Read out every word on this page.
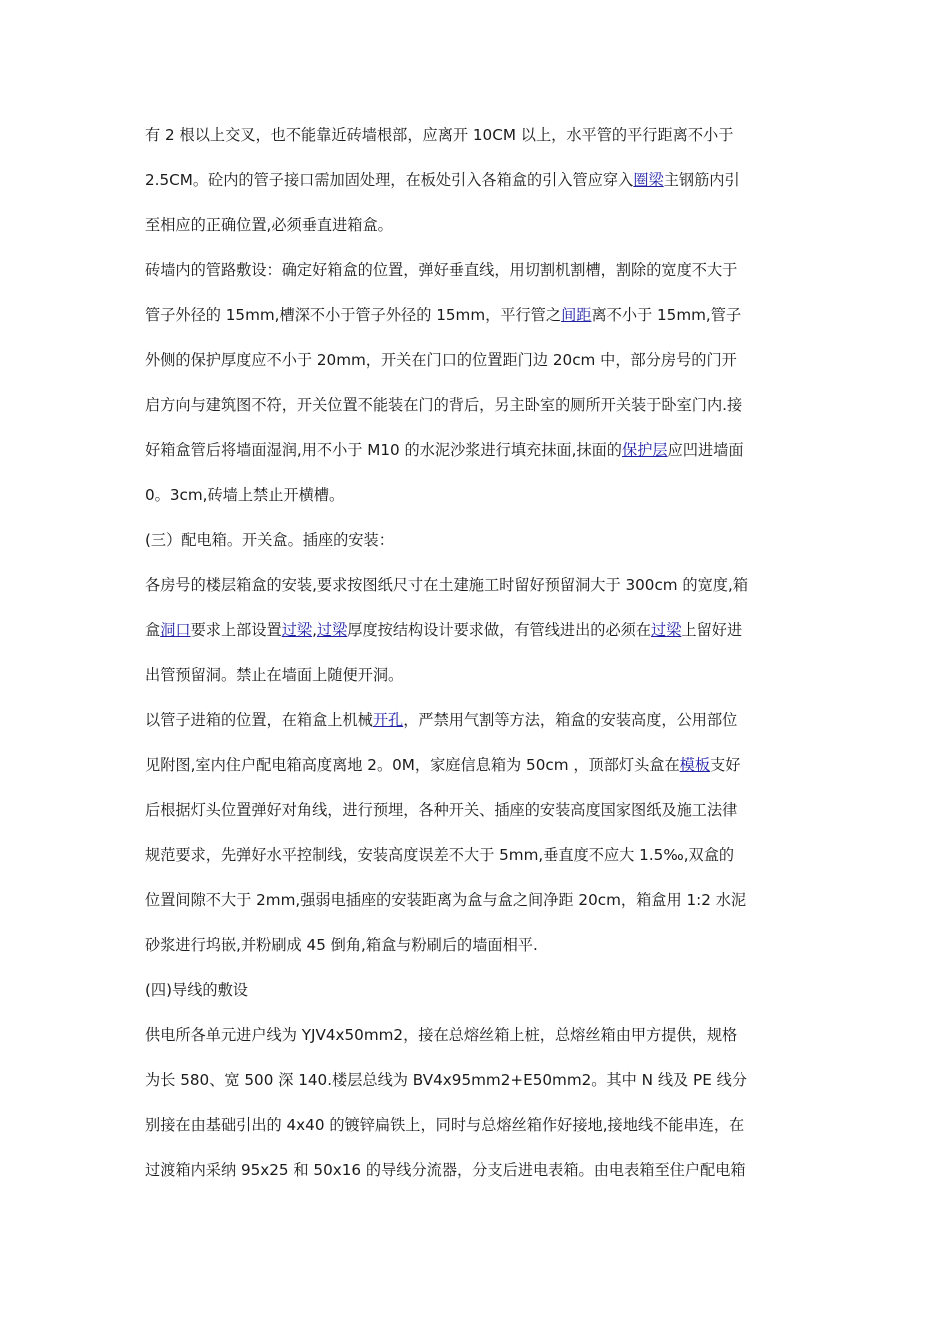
有 2 根以上交叉，也不能靠近砖墙根部，应离开 10CM 以上，水平管的平行距离不小于
2.5CM。砼内的管子接口需加固处理，在板处引入各箱盒的引入管应穿入圈梁主钢筋内引
至相应的正确位置,必须垂直进箱盒。
砖墙内的管路敷设：确定好箱盒的位置，弹好垂直线，用切割机割槽，割除的宽度不大于
管子外径的 15mm,槽深不小于管子外径的 15mm，平行管之间距离不小于 15mm,管子
外侧的保护厚度应不小于 20mm，开关在门口的位置距门边 20cm 中，部分房号的门开
启方向与建筑图不符，开关位置不能装在门的背后，另主卧室的厕所开关装于卧室门内.接
好箱盒管后将墙面湿润,用不小于 M10 的水泥沙浆进行填充抹面,抹面的保护层应凹进墙面
0。3cm,砖墙上禁止开横槽。
(三）配电箱。开关盒。插座的安装：
各房号的楼层箱盒的安装,要求按图纸尺寸在土建施工时留好预留洞大于 300cm 的宽度,箱
盒洞口要求上部设置过梁,过梁厚度按结构设计要求做，有管线进出的必须在过梁上留好进
出管预留洞。禁止在墙面上随便开洞。
以管子进箱的位置，在箱盒上机械开孔，严禁用气割等方法，箱盒的安装高度，公用部位
见附图,室内住户配电箱高度离地 2。0M，家庭信息箱为 50cm ，顶部灯头盒在模板支好
后根据灯头位置弹好对角线，进行预埋，各种开关、插座的安装高度国家图纸及施工法律
规范要求，先弹好水平控制线，安装高度误差不大于 5mm,垂直度不应大 1.5‰,双盒的
位置间隙不大于 2mm,强弱电插座的安装距离为盒与盒之间净距 20cm，箱盒用 1:2 水泥
砂浆进行坞嵌,并粉刷成 45 倒角,箱盒与粉刷后的墙面相平.
(四)导线的敷设
供电所各单元进户线为 YJV4x50mm2，接在总熔丝箱上桩，总熔丝箱由甲方提供，规格
为长 580、宽 500 深 140.楼层总线为 BV4x95mm2+E50mm2。其中 N 线及 PE 线分
别接在由基础引出的 4x40 的镀锌扁铁上，同时与总熔丝箱作好接地,接地线不能串连，在
过渡箱内采纳 95x25 和 50x16 的导线分流器，分支后进电表箱。由电表箱至住户配电箱
